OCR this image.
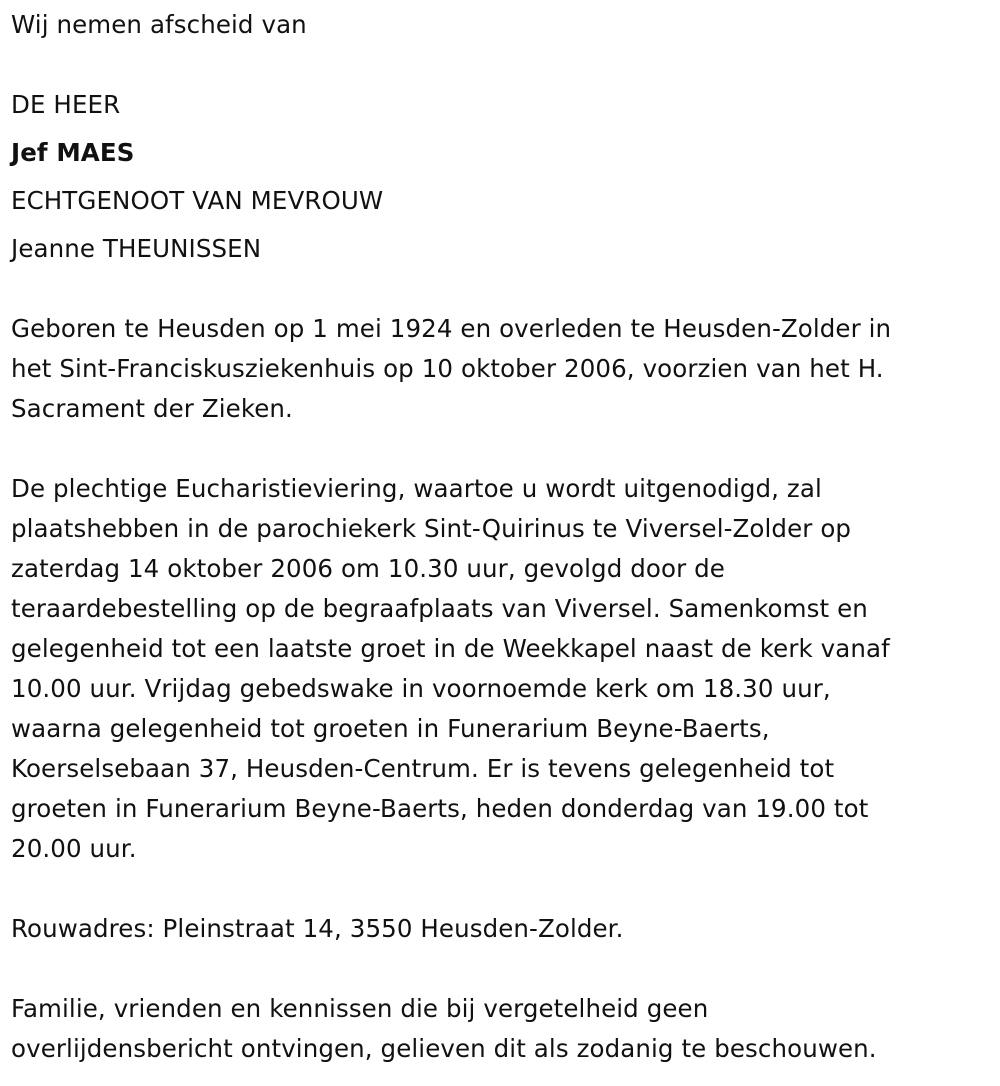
Wij nemen afscheid van

DE HEER

Jef MAES

ECHTGENOOT VAN MEVROUW

Jeanne THEUNISSEN

Geboren te Heusden op 1 mei 1924 en overleden te Heusden-Zolder in

het Sint-Franciskusziekenhuis op 10 oktober 2006, voorzien van het H.

Sacrament der Zieken.

De plechtige Eucharistieviering, waartoe u wordt uitgenodigd, zal

plaatshebben in de parochiekerk Sint-Quirinus te Viversel-Zolder op

zaterdag 14 oktober 2006 om 10.30 uur, gevolgd door de

teraardebestelling op de begraafplaats van Viversel. Samenkomst en

gelegenheid tot een laatste groet in de Weekkapel naast de kerk vanaf

10.00 uur. Vrijdag gebedswake in voornoemde kerk om 18.30 uur,

waarna gelegenheid tot groeten in Funerarium Beyne-Baerts,

Koerselsebaan 37, Heusden-Centrum. Er is tevens gelegenheid tot

groeten in Funerarium Beyne-Baerts, heden donderdag van 19.00 tot

20.00 uur.

Rouwadres: Pleinstraat 14, 3550 Heusden-Zolder.

Familie, vrienden en kennissen die bij vergetelheid geen

overlijdensbericht ontvingen, gelieven dit als zodanig te beschouwen.
